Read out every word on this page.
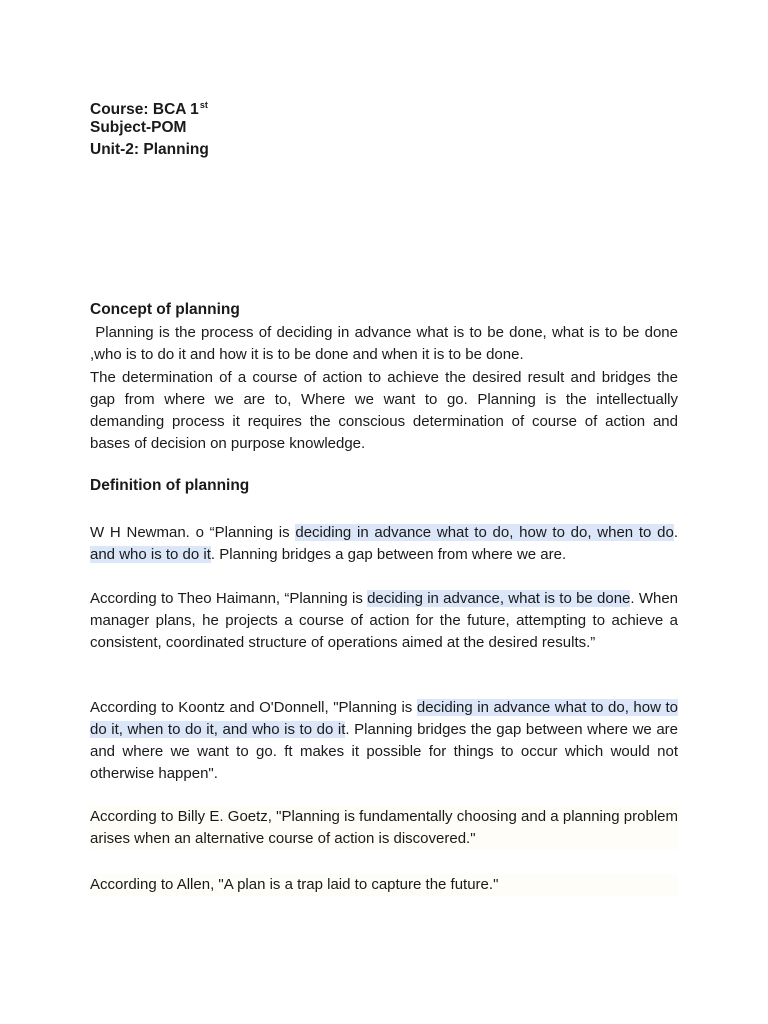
Course: BCA 1st
Subject-POM
Unit-2: Planning
Concept of planning

Planning is the process of deciding in advance what is to be done, what is to be done ,who is to do it and how it is to be done and when it is to be done.

The determination of a course of action to achieve the desired result and bridges the gap from where we are to, Where we want to go. Planning is the intellectually demanding process it requires the conscious determination of course of action and bases of decision on purpose knowledge.

Definition of planning

W H Newman. o “Planning is deciding in advance what to do, how to do, when to do. and who is to do it. Planning bridges a gap between from where we are.

According to Theo Haimann, “Planning is deciding in advance, what is to be done. When manager plans, he projects a course of action for the future, attempting to achieve a consistent, coordinated structure of operations aimed at the desired results.”

According to Koontz and O'Donnell, "Planning is deciding in advance what to do, how to do it, when to do it, and who is to do it. Planning bridges the gap between where we are and where we want to go. ft makes it possible for things to occur which would not otherwise happen".

According to Billy E. Goetz, "Planning is fundamentally choosing and a planning problem arises when an alternative course of action is discovered."

According to Allen, "A plan is a trap laid to capture the future."
